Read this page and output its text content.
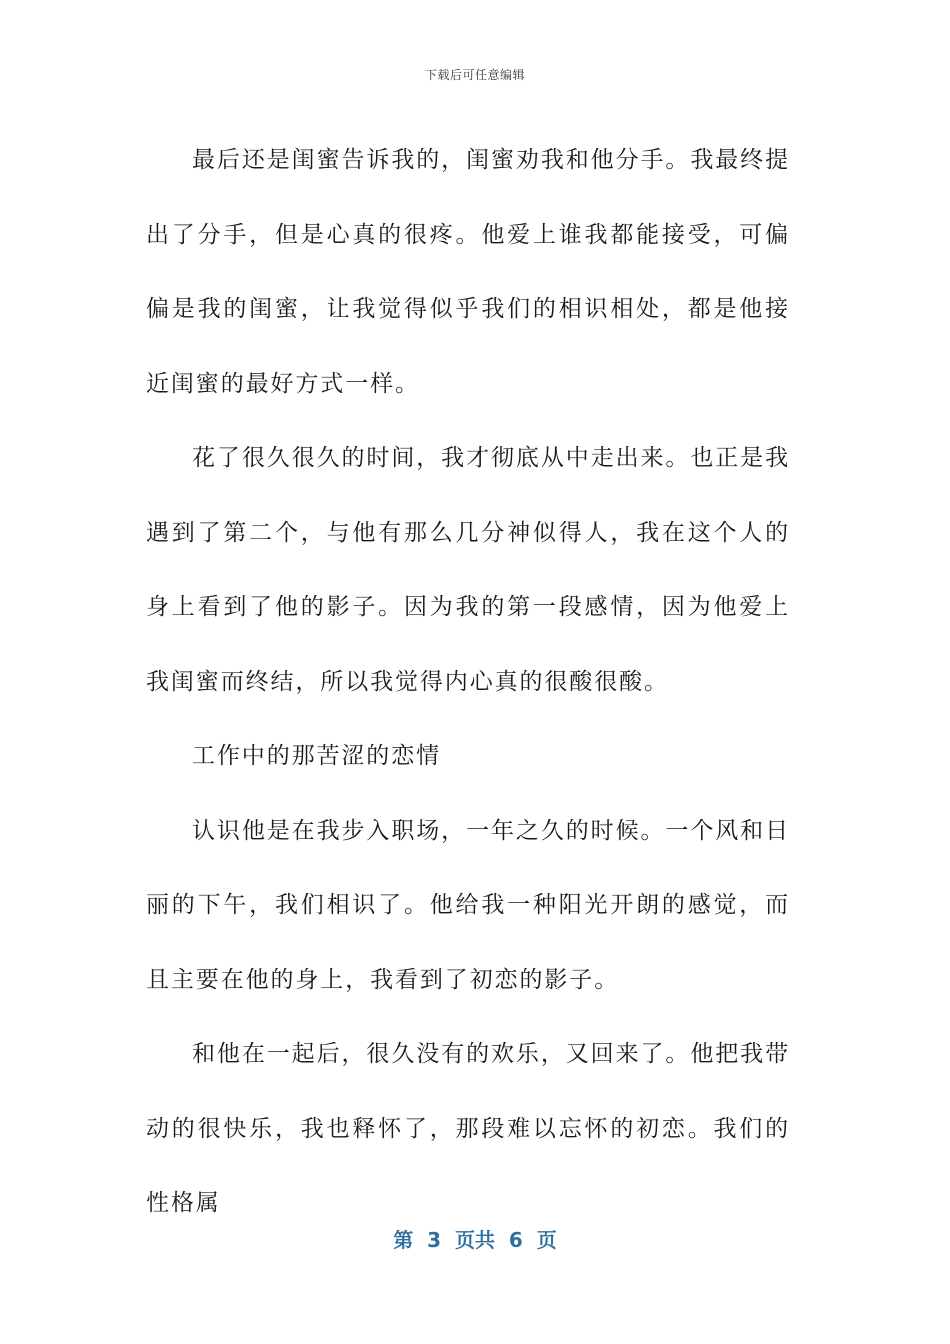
下载后可任意编辑

最后还是闺蜜告诉我的，闺蜜劝我和他分手。我最终提出了分手，但是心真的很疼。他爱上谁我都能接受，可偏偏是我的闺蜜，让我觉得似乎我们的相识相处，都是他接近闺蜜的最好方式一样。

花了很久很久的时间，我才彻底从中走出来。也正是我遇到了第二个，与他有那么几分神似得人，我在这个人的身上看到了他的影子。因为我的第一段感情，因为他爱上我闺蜜而终结，所以我觉得内心真的很酸很酸。

工作中的那苦涩的恋情

认识他是在我步入职场，一年之久的时候。一个风和日丽的下午，我们相识了。他给我一种阳光开朗的感觉，而且主要在他的身上，我看到了初恋的影子。

和他在一起后，很久没有的欢乐，又回来了。他把我带动的很快乐，我也释怀了，那段难以忘怀的初恋。我们的性格属

第  3  页共  6  页
